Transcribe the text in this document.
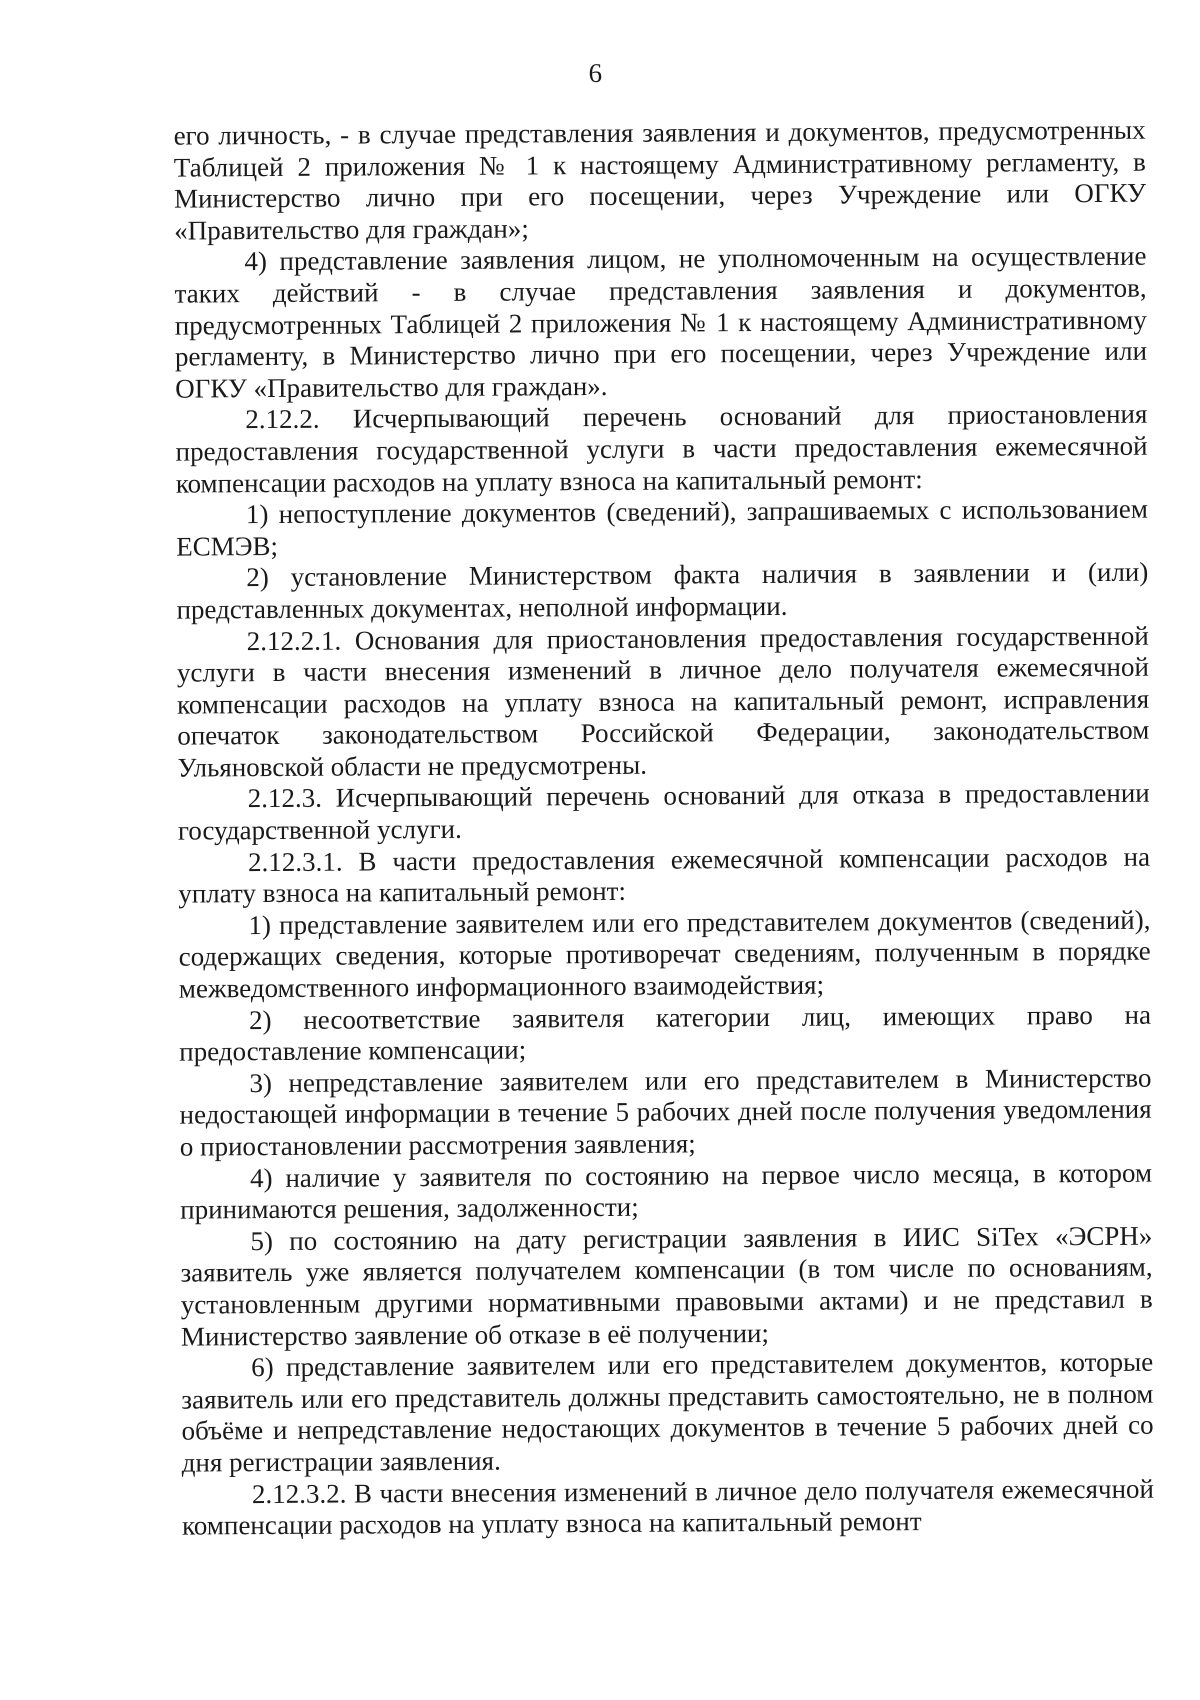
6

его личность, - в случае представления заявления и документов, предусмотренных Таблицей 2 приложения № 1 к настоящему Административному регламенту, в Министерство лично при его посещении, через Учреждение или ОГКУ «Правительство для граждан»;

4) представление заявления лицом, не уполномоченным на осуществление таких действий - в случае представления заявления и документов, предусмотренных Таблицей 2 приложения № 1 к настоящему Административному регламенту, в Министерство лично при его посещении, через Учреждение или ОГКУ «Правительство для граждан».

2.12.2. Исчерпывающий перечень оснований для приостановления предоставления государственной услуги в части предоставления ежемесячной компенсации расходов на уплату взноса на капитальный ремонт:

1) непоступление документов (сведений), запрашиваемых с использованием ЕСМЭВ;

2) установление Министерством факта наличия в заявлении и (или) представленных документах, неполной информации.

2.12.2.1. Основания для приостановления предоставления государственной услуги в части внесения изменений в личное дело получателя ежемесячной компенсации расходов на уплату взноса на капитальный ремонт, исправления опечаток законодательством Российской Федерации, законодательством Ульяновской области не предусмотрены.

2.12.3. Исчерпывающий перечень оснований для отказа в предоставлении государственной услуги.

2.12.3.1. В части предоставления ежемесячной компенсации расходов на уплату взноса на капитальный ремонт:

1) представление заявителем или его представителем документов (сведений), содержащих сведения, которые противоречат сведениям, полученным в порядке межведомственного информационного взаимодействия;

2) несоответствие заявителя категории лиц, имеющих право на предоставление компенсации;

3) непредставление заявителем или его представителем в Министерство недостающей информации в течение 5 рабочих дней после получения уведомления о приостановлении рассмотрения заявления;

4) наличие у заявителя по состоянию на первое число месяца, в котором принимаются решения, задолженности;

5) по состоянию на дату регистрации заявления в ИИС SiTex «ЭСРН» заявитель уже является получателем компенсации (в том числе по основаниям, установленным другими нормативными правовыми актами) и не представил в Министерство заявление об отказе в её получении;

6) представление заявителем или его представителем документов, которые заявитель или его представитель должны представить самостоятельно, не в полном объёме и непредставление недостающих документов в течение 5 рабочих дней со дня регистрации заявления.

2.12.3.2. В части внесения изменений в личное дело получателя ежемесячной компенсации расходов на уплату взноса на капитальный ремонт
